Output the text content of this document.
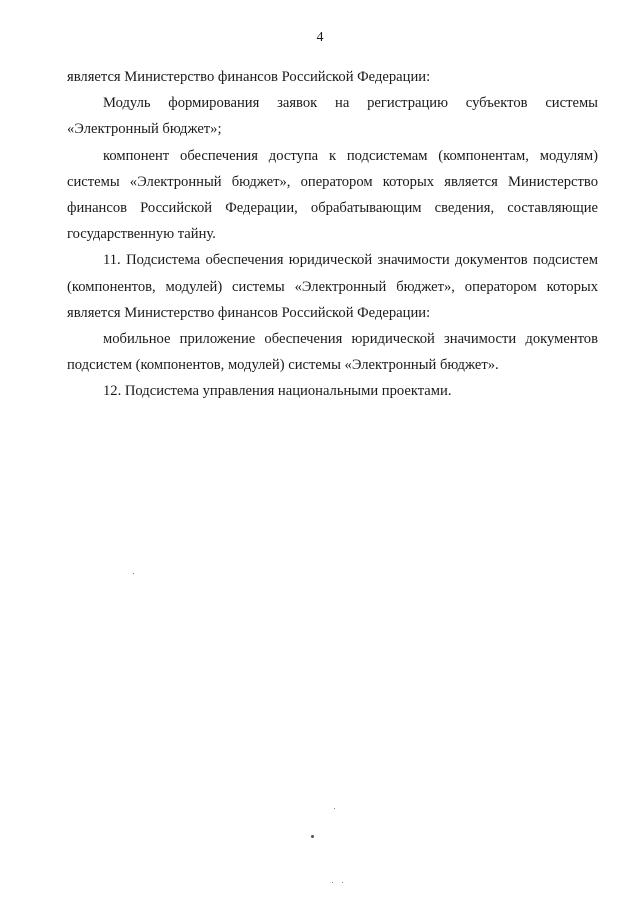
4

является Министерство финансов Российской Федерации:

Модуль формирования заявок на регистрацию субъектов системы «Электронный бюджет»;

компонент обеспечения доступа к подсистемам (компонентам, модулям) системы «Электронный бюджет», оператором которых является Министерство финансов Российской Федерации, обрабатывающим сведения, составляющие государственную тайну.

11. Подсистема обеспечения юридической значимости документов подсистем (компонентов, модулей) системы «Электронный бюджет», оператором которых является Министерство финансов Российской Федерации:

мобильное приложение обеспечения юридической значимости документов подсистем (компонентов, модулей) системы «Электронный бюджет».

12. Подсистема управления национальными проектами.
